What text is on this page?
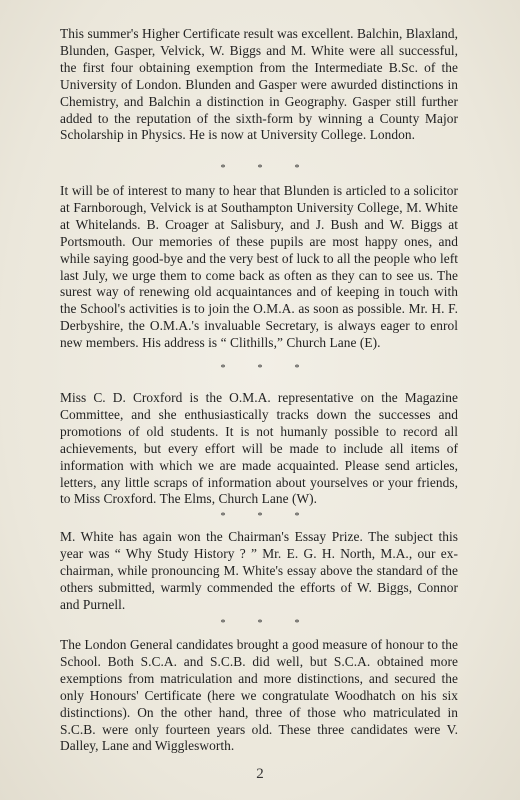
This summer's Higher Certificate result was excellent. Balchin, Blaxland, Blunden, Gasper, Velvick, W. Biggs and M. White were all successful, the first four obtaining exemption from the Intermediate B.Sc. of the University of London. Blunden and Gasper were awurded distinctions in Chemistry, and Balchin a distinction in Geography. Gasper still further added to the reputation of the sixth-form by winning a County Major Scholarship in Physics. He is now at University College. London.

*	*	*

It will be of interest to many to hear that Blunden is articled to a solicitor at Farnborough, Velvick is at Southampton University College, M. White at Whitelands. B. Croager at Salisbury, and J. Bush and W. Biggs at Portsmouth. Our memories of these pupils are most happy ones, and while saying good-bye and the very best of luck to all the people who left last July, we urge them to come back as often as they can to see us. The surest way of renewing old acquaintances and of keeping in touch with the School's activities is to join the O.M.A. as soon as possible. Mr. H. F. Derbyshire, the O.M.A.'s invaluable Secretary, is always eager to enrol new members. His address is “ Clithills,” Church Lane (E).

*	*	*

Miss C. D. Croxford is the O.M.A. representative on the Magazine Committee, and she enthusiastically tracks down the successes and promotions of old students. It is not humanly possible to record all achievements, but every effort will be made to include all items of information with which we are made acquainted. Please send articles, letters, any little scraps of information about yourselves or your friends, to Miss Croxford. The Elms, Church Lane (W).

*	*	*

M. White has again won the Chairman's Essay Prize. The subject this year was “ Why Study History ? ” Mr. E. G. H. North, M.A., our ex-chairman, while pronouncing M. White's essay above the standard of the others submitted, warmly commended the efforts of W. Biggs, Connor and Purnell.

*	*	*

The London General candidates brought a good measure of honour to the School. Both S.C.A. and S.C.B. did well, but S.C.A. obtained more exemptions from matriculation and more distinctions, and secured the only Honours' Certificate (here we congratulate Woodhatch on his six distinctions). On the other hand, three of those who matriculated in S.C.B. were only fourteen years old. These three candidates were V. Dalley, Lane and Wigglesworth.

2
